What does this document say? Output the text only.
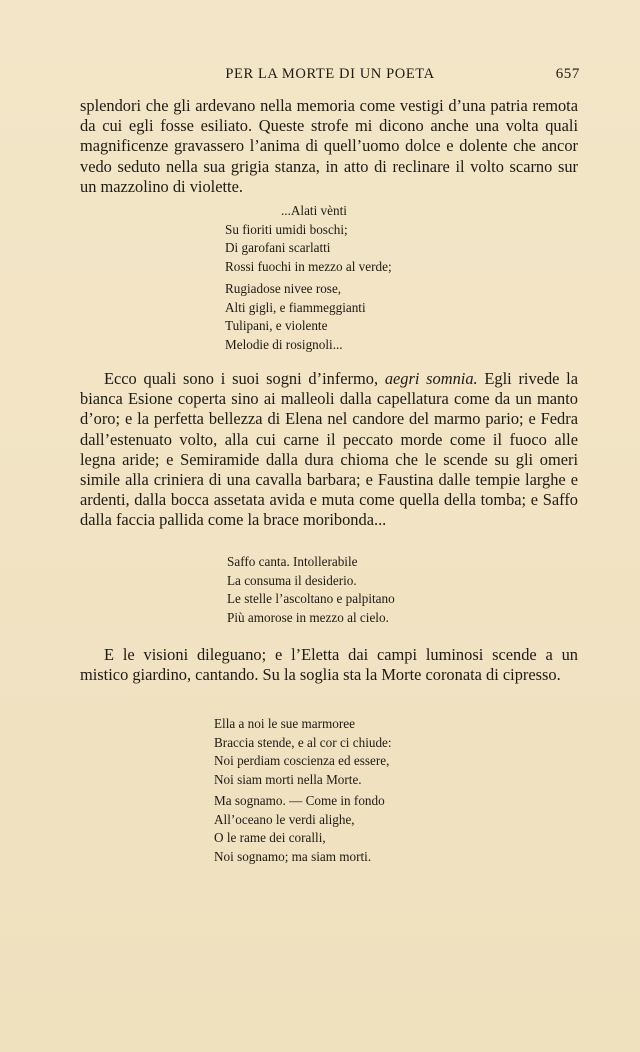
PER LA MORTE DI UN POETA	657

splendori che gli ardevano nella memoria come vestigi d’una patria remota da cui egli fosse esiliato. Queste strofe mi dicono anche una volta quali magnificenze gravassero l’anima di quell’uomo dolce e dolente che ancor vedo seduto nella sua grigia stanza, in atto di reclinare il volto scarno sur un mazzolino di violette.

...Alati vènti
Su fioriti umidi boschi;
Di garofani scarlatti
Rossi fuochi in mezzo al verde;
Rugiadose nivee rose,
Alti gigli, e fiammeggianti
Tulipani, e violente
Melodie di rosignoli...

Ecco quali sono i suoi sogni d’infermo, aegri somnia. Egli rivede la bianca Esione coperta sino ai malleoli dalla capellatura come da un manto d’oro; e la perfetta bellezza di Elena nel candore del marmo pario; e Fedra dall’estenuato volto, alla cui carne il peccato morde come il fuoco alle legna aride; e Semiramide dalla dura chioma che le scende su gli omeri simile alla criniera di una cavalla barbara; e Faustina dalle tempie larghe e ardenti, dalla bocca assetata avida e muta come quella della tomba; e Saffo dalla faccia pallida come la brace moribonda...

Saffo canta. Intollerabile
La consuma il desiderio.
Le stelle l’ascoltano e palpitano
Più amorose in mezzo al cielo.

E le visioni dileguano; e l’Eletta dai campi luminosi scende a un mistico giardino, cantando. Su la soglia sta la Morte coronata di cipresso.

Ella a noi le sue marmoree
Braccia stende, e al cor ci chiude:
Noi perdiam coscienza ed essere,
Noi siam morti nella Morte.
Ma sognamo. — Come in fondo
All’oceano le verdi alighe,
O le rame dei coralli,
Noi sognamo; ma siam morti.
